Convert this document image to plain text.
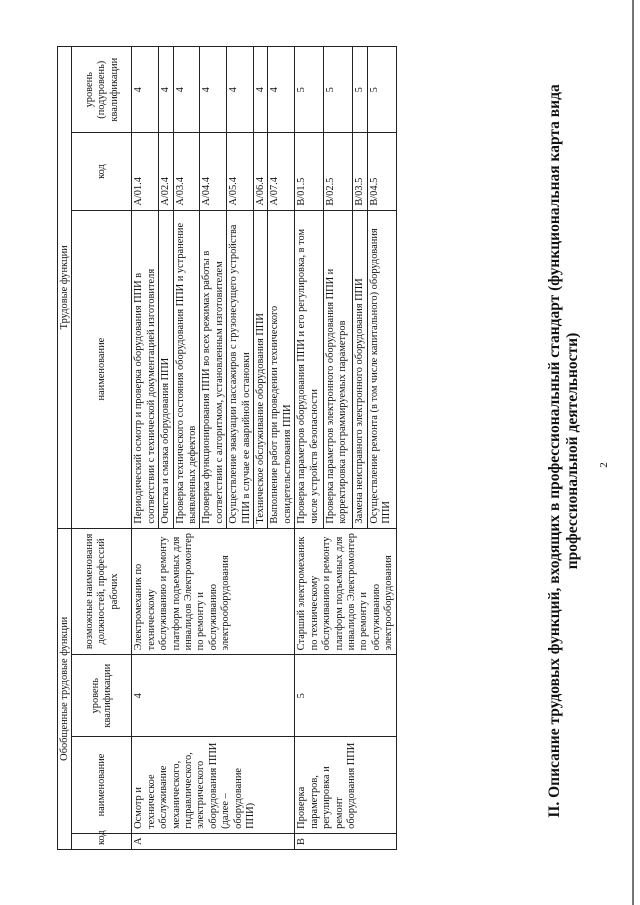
2
II. Описание трудовых функций, входящих в профессиональный стандарт (функциональная карта вида профессиональной деятельности)
Обобщенные трудовые функции				Трудовые функции		
код	наименование	уровень квалификации	возможные наименования должностей, профессий рабочих	наименование	код	уровень (подуровень) квалификации
A	Осмотр и техническое обслуживание механического, гидравлического, электрического оборудования ППИ (далее – оборудование ППИ)	4	Электромеханик по техническому обслуживанию и ремонту платформ подъемных для инвалидов Электромонтер по ремонту и обслуживанию электрооборудования	Периодический осмотр и проверка оборудования ППИ в соответствии с технической документацией изготовителя	A/01.4	4
				Очистка и смазка оборудования ППИ	A/02.4	4
				Проверка технического состояния оборудования ППИ и устранение выявленных дефектов	A/03.4	4
				Проверка функционирования ППИ во всех режимах работы в соответствии с алгоритмом, установленным изготовителем	A/04.4	4
				Осуществление эвакуации пассажиров с грузонесущего устройства ППИ в случае ее аварийной остановки	A/05.4	4
				Техническое обслуживание оборудования ППИ	A/06.4	4
				Выполнение работ при проведении технического освидетельствования ППИ	A/07.4	4
B	Проверка параметров, регулировка и ремонт оборудования ППИ	5	Старший электромеханик по техническому обслуживанию и ремонту платформ подъемных для инвалидов Электромонтер по ремонту и обслуживанию электрооборудования	Проверка параметров оборудования ППИ и его регулировка, в том числе устройств безопасности	B/01.5	5
				Проверка параметров электронного оборудования ППИ и корректировка программируемых параметров	B/02.5	5
				Замена неисправного электронного оборудования ППИ	B/03.5	5
				Осуществление ремонта (в том числе капитального) оборудования ППИ	B/04.5	5
